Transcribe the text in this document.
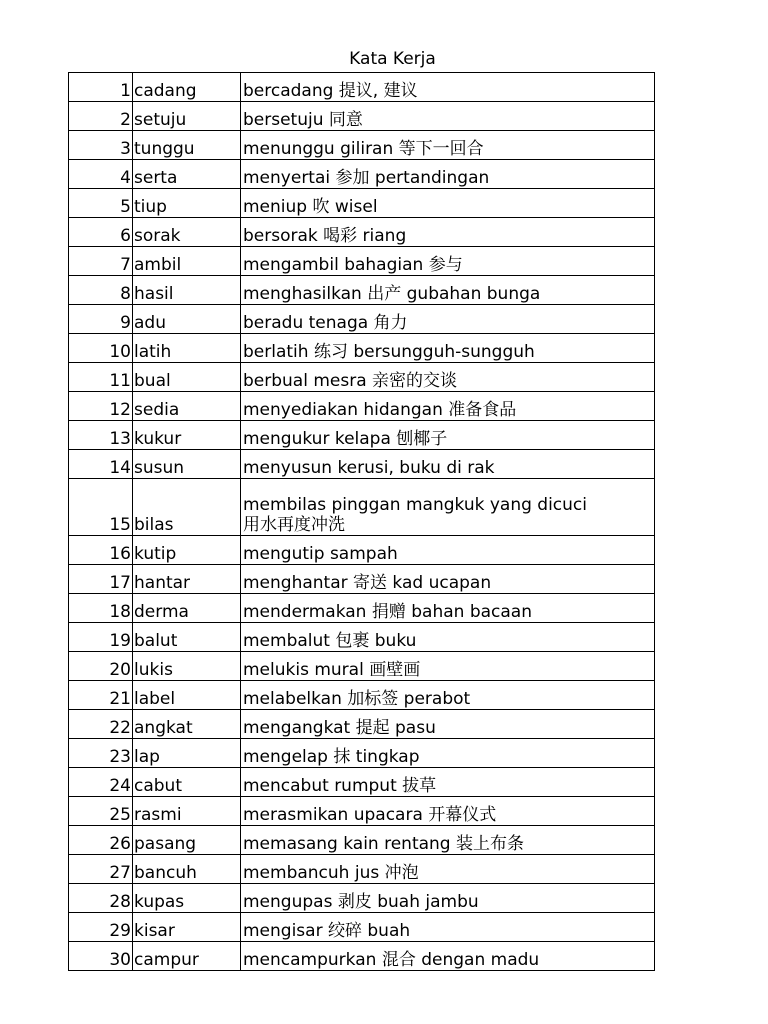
Kata Kerja
1	cadang	bercadang 提议, 建议
2	setuju	bersetuju 同意
3	tunggu	menunggu giliran 等下一回合
4	serta	menyertai 参加 pertandingan
5	tiup	meniup 吹 wisel
6	sorak	bersorak 喝彩 riang
7	ambil	mengambil bahagian 参与
8	hasil	menghasilkan 出产 gubahan bunga
9	adu	beradu tenaga 角力
10	latih	berlatih 练习 bersungguh-sungguh
11	bual	berbual mesra 亲密的交谈
12	sedia	menyediakan hidangan 准备食品
13	kukur	mengukur kelapa 刨椰子
14	susun	menyusun kerusi, buku di rak
15	bilas	membilas pinggan mangkuk yang dicuci
用水再度冲洗

16	kutip	mengutip sampah
17	hantar	menghantar 寄送 kad ucapan
18	derma	mendermakan 捐赠 bahan bacaan
19	balut	membalut 包裹 buku
20	lukis	melukis mural 画壁画
21	label	melabelkan 加标签 perabot
22	angkat	mengangkat 提起 pasu
23	lap	mengelap 抹 tingkap
24	cabut	mencabut rumput 拔草
25	rasmi	merasmikan upacara 开幕仪式
26	pasang	memasang kain rentang 装上布条
27	bancuh	membancuh jus 冲泡
28	kupas	mengupas 剥皮 buah jambu
29	kisar	mengisar 绞碎 buah
30	campur	mencampurkan 混合 dengan madu
